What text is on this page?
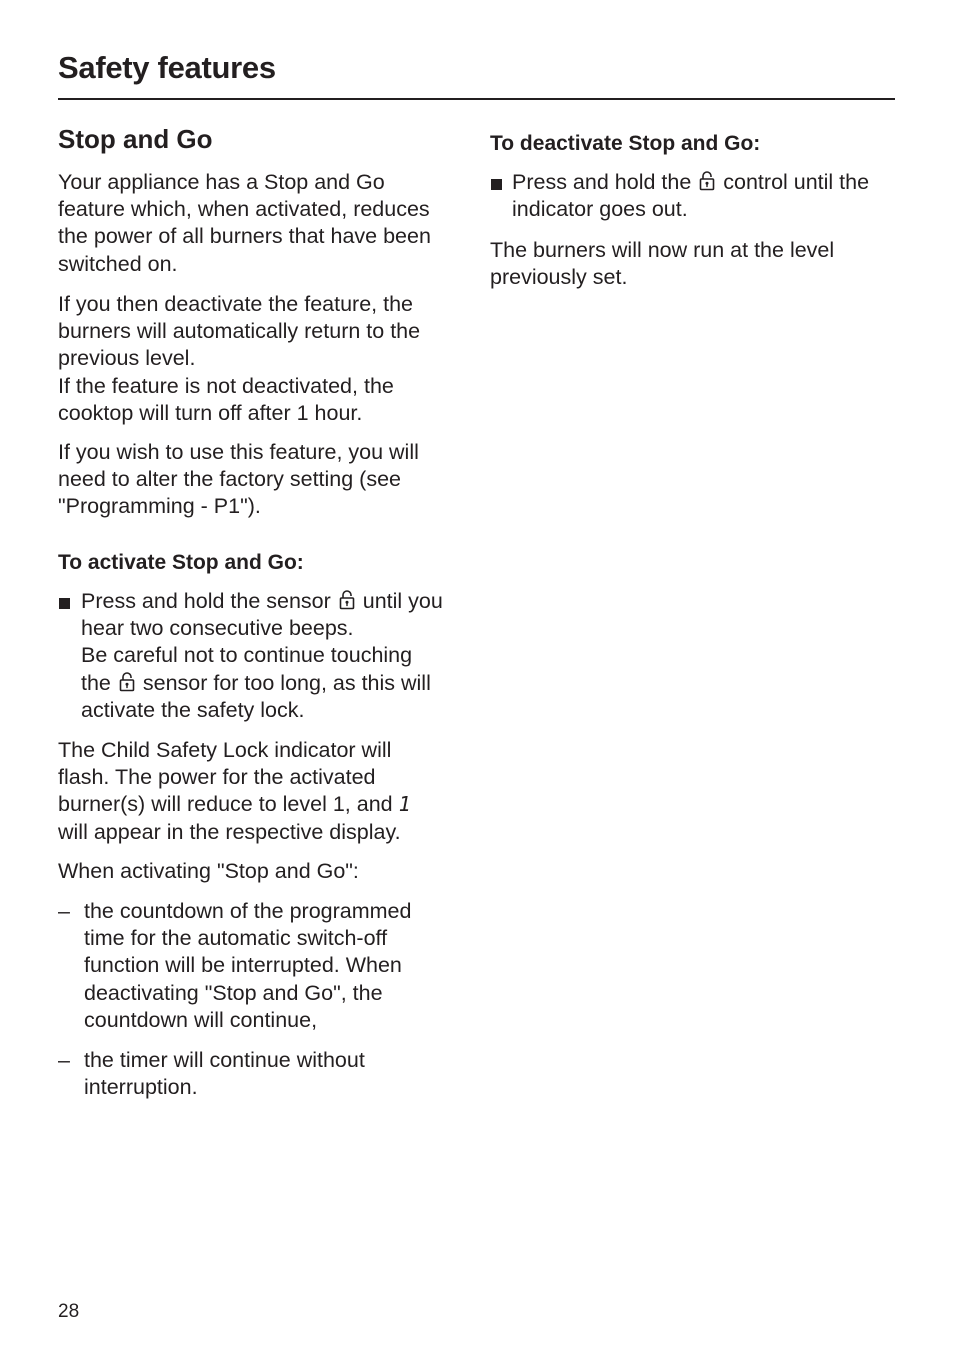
Safety features
Stop and Go

Your appliance has a Stop and Go
feature which, when activated, reduces
the power of all burners that have been
switched on.

If you then deactivate the feature, the
burners will automatically return to the
previous level.
If the feature is not deactivated, the
cooktop will turn off after 1 hour.

If you wish to use this feature, you will
need to alter the factory setting (see
"Programming - P1").

To activate Stop and Go:

Press and hold the sensor until you
hear two consecutive beeps.
Be careful not to continue touching
the sensor for too long, as this will
activate the safety lock.

The Child Safety Lock indicator will
flash. The power for the activated
burner(s) will reduce to level 1, and 1
will appear in the respective display.

When activating "Stop and Go":

– the countdown of the programmed
time for the automatic switch-off
function will be interrupted. When
deactivating "Stop and Go", the
countdown will continue,
– the timer will continue without
interruption.

To deactivate Stop and Go:

Press and hold the control until the
indicator goes out.

The burners will now run at the level
previously set.

28
